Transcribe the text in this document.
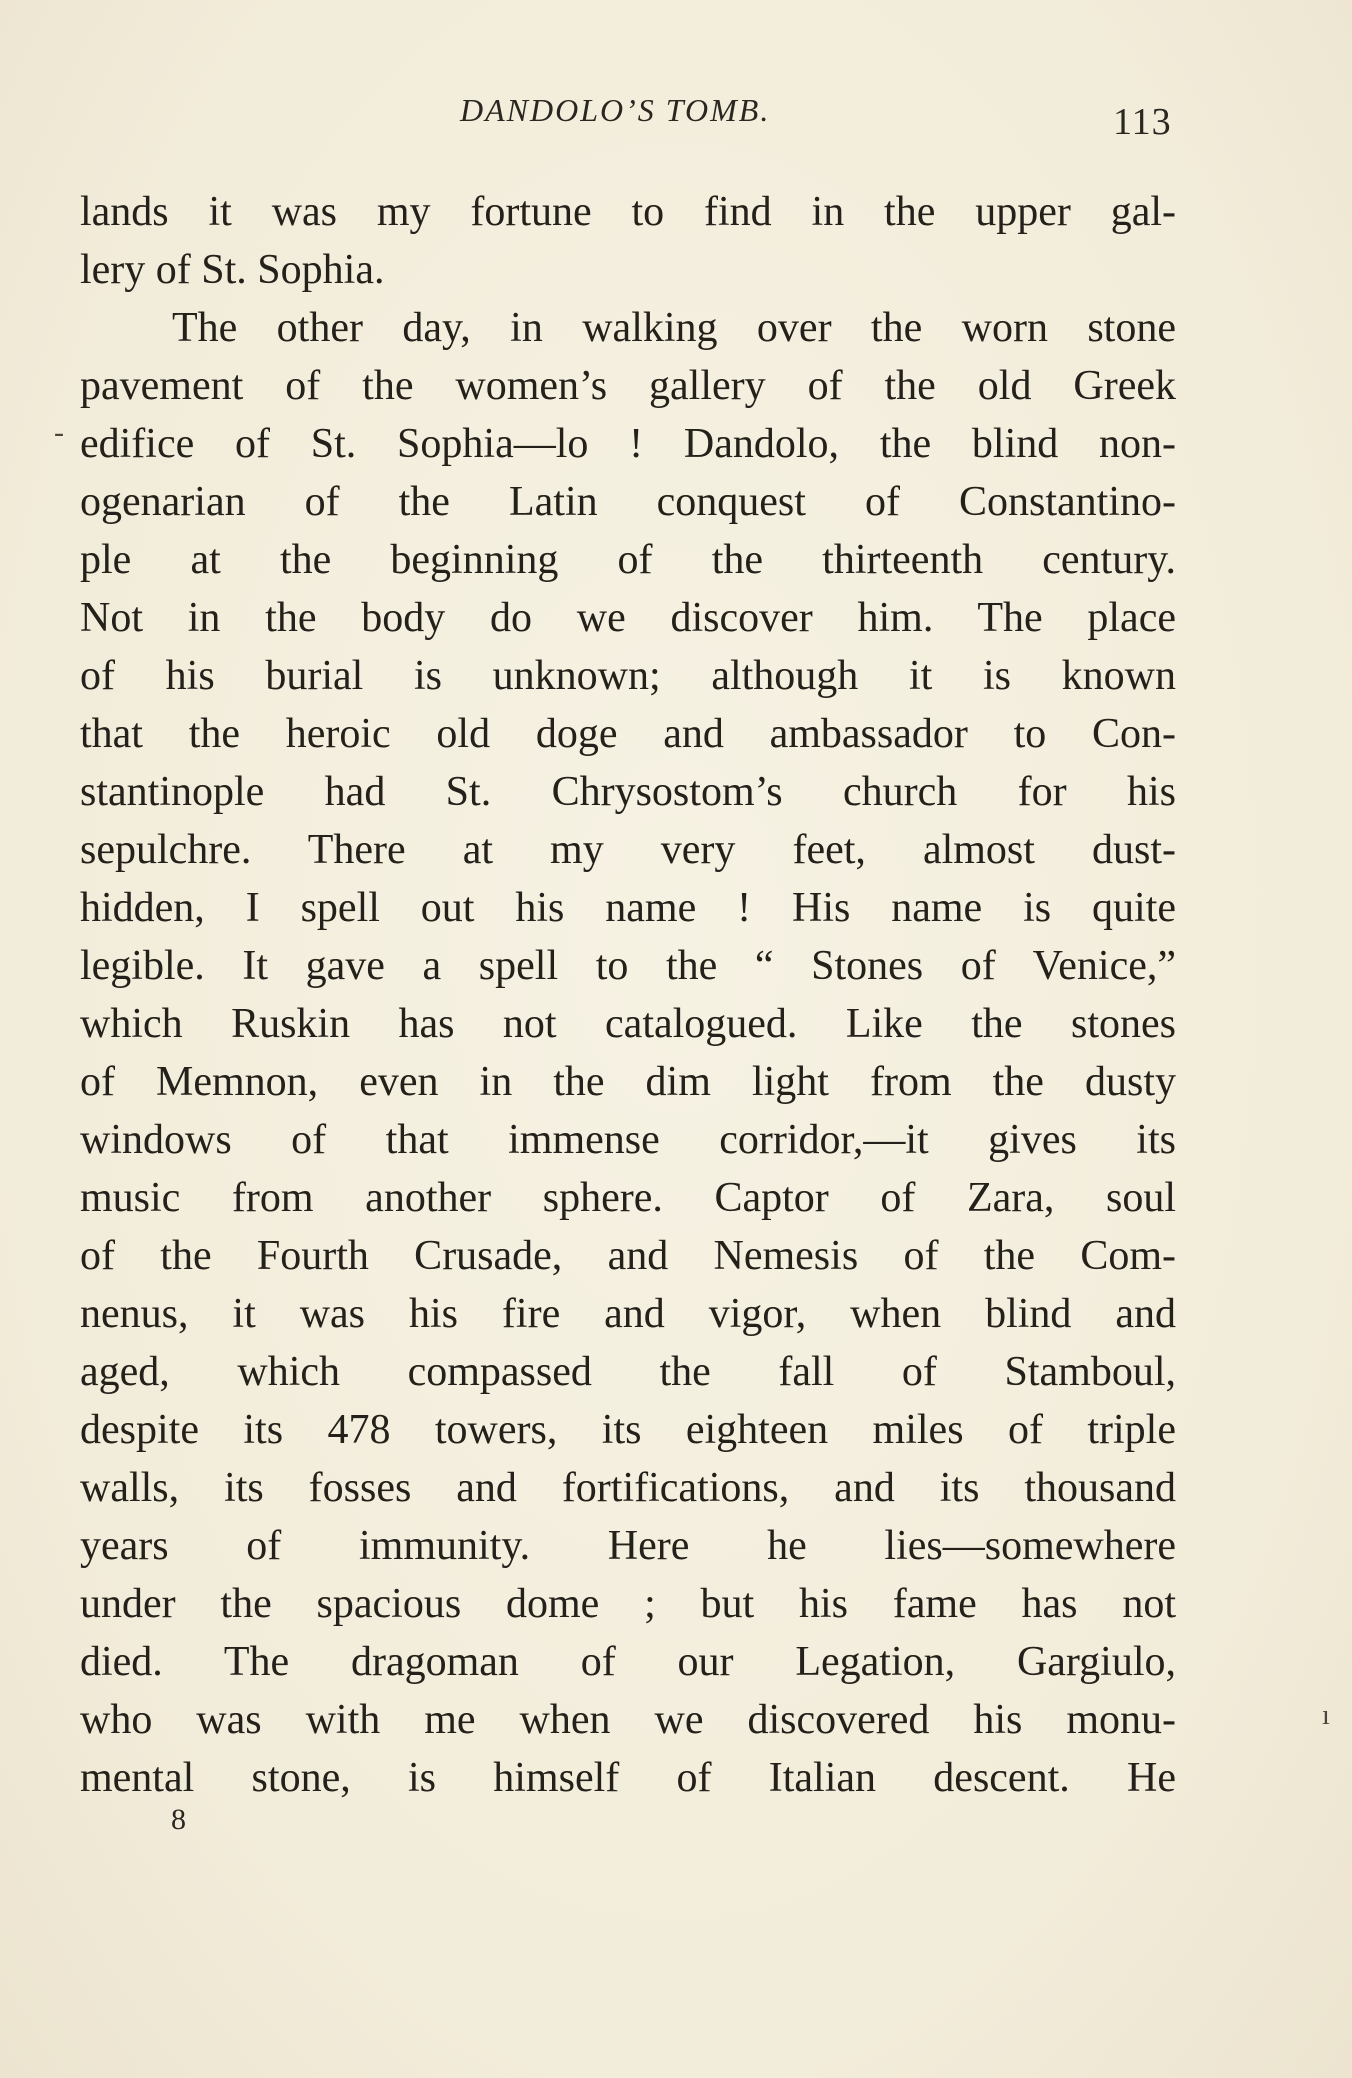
DANDOLO’S TOMB.	113
-
ı
lands it was my fortune to find in the upper gal-
lery of St. Sophia.
The other day, in walking over the worn stone
pavement of the women’s gallery of the old Greek
edifice of St. Sophia—lo ! Dandolo, the blind non-
ogenarian of the Latin conquest of Constantino-
ple at the beginning of the thirteenth century.
Not in the body do we discover him. The place
of his burial is unknown; although it is known
that the heroic old doge and ambassador to Con-
stantinople had St. Chrysostom’s church for his
sepulchre. There at my very feet, almost dust-
hidden, I spell out his name ! His name is quite
legible. It gave a spell to the “ Stones of Venice,”
which Ruskin has not catalogued. Like the stones
of Memnon, even in the dim light from the dusty
windows of that immense corridor,—it gives its
music from another sphere. Captor of Zara, soul
of the Fourth Crusade, and Nemesis of the Com-
nenus, it was his fire and vigor, when blind and
aged, which compassed the fall of Stamboul,
despite its 478 towers, its eighteen miles of triple
walls, its fosses and fortifications, and its thousand
years of immunity. Here he lies—somewhere
under the spacious dome ; but his fame has not
died. The dragoman of our Legation, Gargiulo,
who was with me when we discovered his monu-
mental stone, is himself of Italian descent. He
8
